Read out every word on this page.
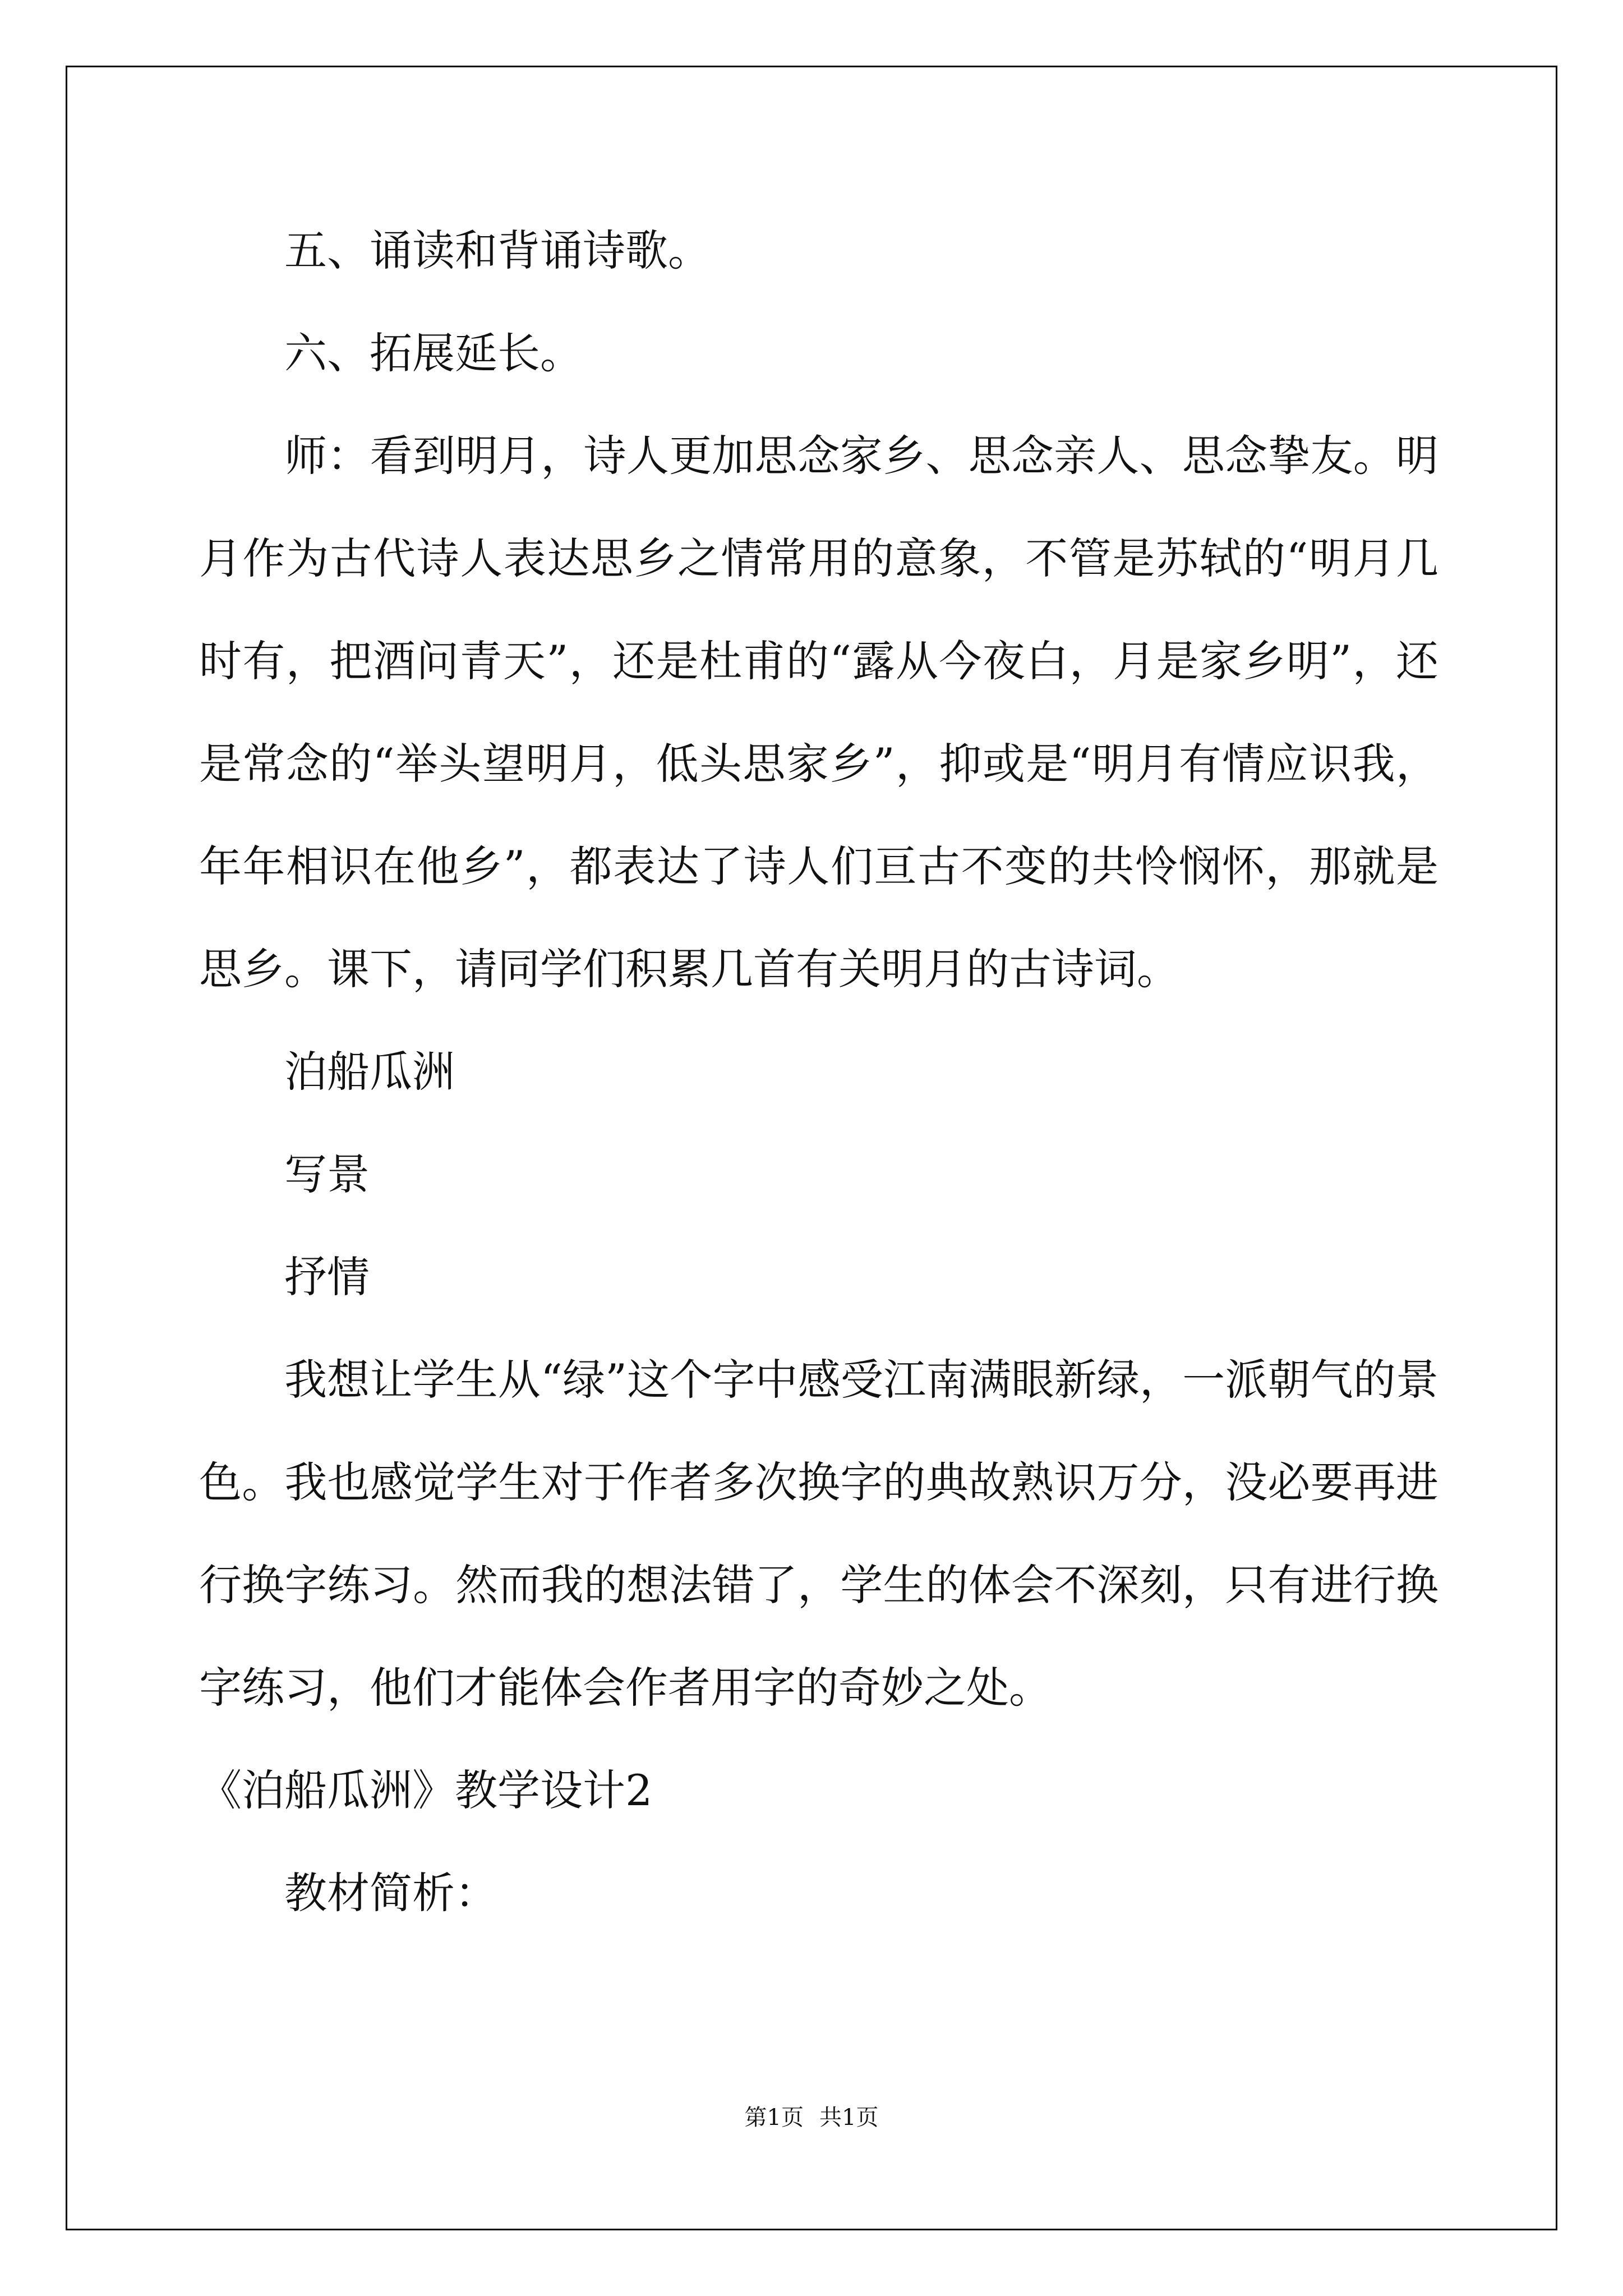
五、诵读和背诵诗歌。

六、拓展延长。

师：看到明月，诗人更加思念家乡、思念亲人、思念挚友。明月作为古代诗人表达思乡之情常用的意象，不管是苏轼的“明月几时有，把酒问青天”，还是杜甫的“露从今夜白，月是家乡明”，还是常念的“举头望明月，低头思家乡”，抑或是“明月有情应识我，年年相识在他乡”，都表达了诗人们亘古不变的共怜悯怀，那就是思乡。课下，请同学们积累几首有关明月的古诗词。

泊船瓜洲

写景

抒情

我想让学生从“绿”这个字中感受江南满眼新绿，一派朝气的景色。我也感觉学生对于作者多次换字的典故熟识万分，没必要再进行换字练习。然而我的想法错了，学生的体会不深刻，只有进行换字练习，他们才能体会作者用字的奇妙之处。

《泊船瓜洲》教学设计2

教材简析：

第1页 共1页
